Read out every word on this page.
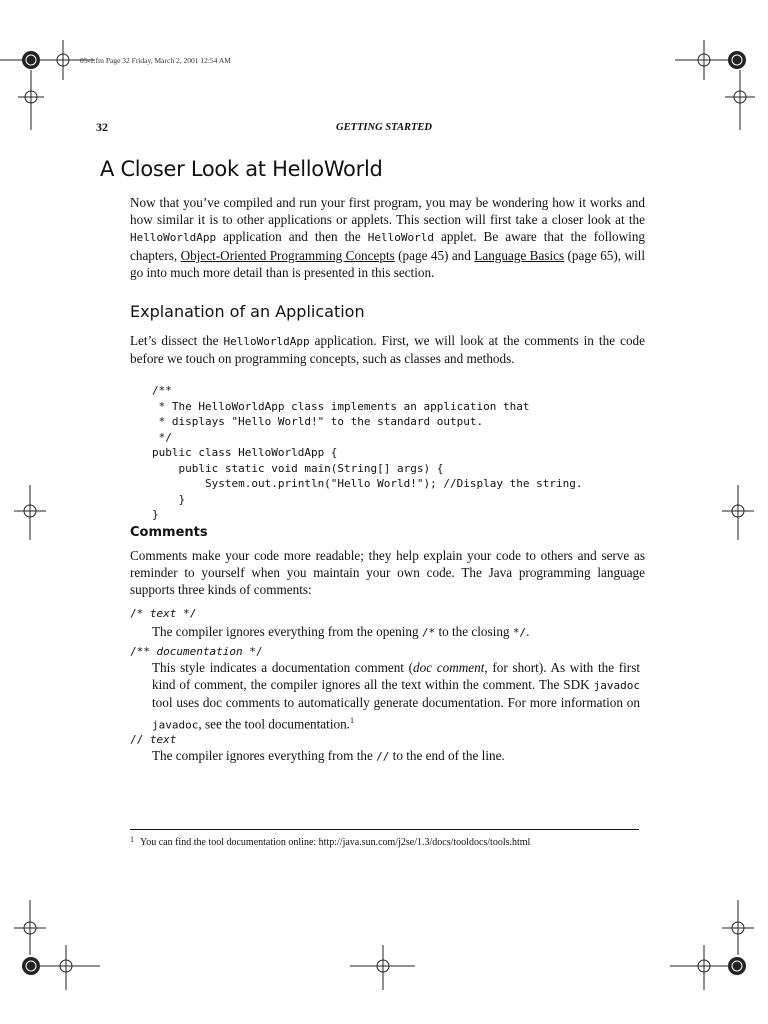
05-1.fm Page 32 Friday, March 2, 2001 12:54 AM
32	GETTING STARTED
A Closer Look at HelloWorld

Now that you’ve compiled and run your first program, you may be wondering how it works and how similar it is to other applications or applets. This section will first take a closer look at the HelloWorldApp application and then the HelloWorld applet. Be aware that the following chapters, Object-Oriented Programming Concepts (page 45) and Language Basics (page 65), will go into much more detail than is presented in this section.

Explanation of an Application

Let’s dissect the HelloWorldApp application. First, we will look at the comments in the code before we touch on programming concepts, such as classes and methods.

/**
* The HelloWorldApp class implements an application that
* displays "Hello World!" to the standard output.
*/
public class HelloWorldApp {
public static void main(String[] args) {
System.out.println("Hello World!"); //Display the string.
}
}
Comments

Comments make your code more readable; they help explain your code to others and serve as reminder to yourself when you maintain your own code. The Java programming language supports three kinds of comments:

/* text */

The compiler ignores everything from the opening /* to the closing */.

/** documentation */

This style indicates a documentation comment (doc comment, for short). As with the first kind of comment, the compiler ignores all the text within the comment. The SDK javadoc tool uses doc comments to automatically generate documentation. For more information on javadoc, see the tool documentation.$^1$

// text

The compiler ignores everything from the // to the end of the line.

$^1$ You can find the tool documentation online: http://java.sun.com/j2se/1.3/docs/tooldocs/tools.html
